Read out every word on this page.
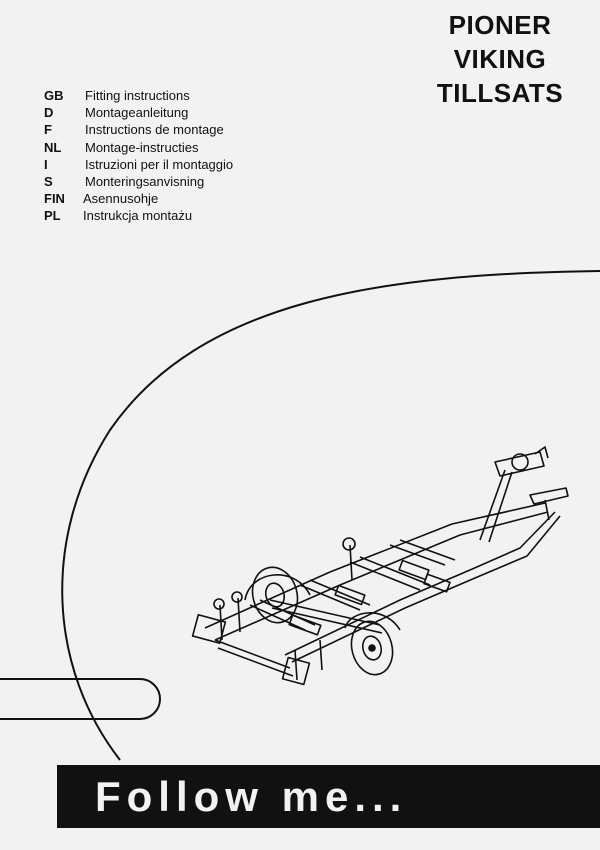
PIONER
VIKING
TILLSATS
GB Fitting instructions
D Montageanleitung
F	Instructions de montage
NL Montage-instructies
I	Istruzioni per il montaggio
S Monteringsanvisning
FIN Asennusohje
PL Instrukcja montażu
Follow me...
